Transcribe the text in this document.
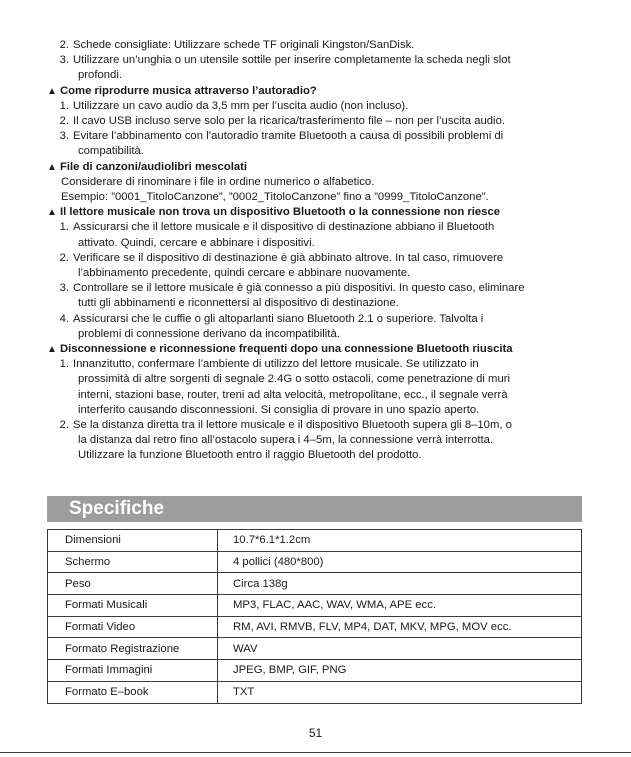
2. Schede consigliate: Utilizzare schede TF originali Kingston/SanDisk.
3. Utilizzare un’unghia o un utensile sottile per inserire completamente la scheda negli slot
profondi.
▲ Come riprodurre musica attraverso l’autoradio?
1. Utilizzare un cavo audio da 3,5 mm per l’uscita audio (non incluso).
2. Il cavo USB incluso serve solo per la ricarica/trasferimento file – non per l’uscita audio.
3. Evitare l’abbinamento con l’autoradio tramite Bluetooth a causa di possibili problemi di
compatibilità.
▲ File di canzoni/audiolibri mescolati
Considerare di rinominare i file in ordine numerico o alfabetico.
Esempio: ”0001_TitoloCanzone”, ”0002_TitoloCanzone” fino a ”0999_TitoloCanzone”.
▲ Il lettore musicale non trova un dispositivo Bluetooth o la connessione non riesce
1. Assicurarsi che il lettore musicale e il dispositivo di destinazione abbiano il Bluetooth
attivato. Quindi, cercare e abbinare i dispositivi.
2. Verificare se il dispositivo di destinazione è già abbinato altrove. In tal caso, rimuovere
l’abbinamento precedente, quindi cercare e abbinare nuovamente.
3. Controllare se il lettore musicale è già connesso a più dispositivi. In questo caso, eliminare
tutti gli abbinamenti e riconnettersi al dispositivo di destinazione.
4. Assicurarsi che le cuffie o gli altoparlanti siano Bluetooth 2.1 o superiore. Talvolta i
problemi di connessione derivano da incompatibilità.
▲ Disconnessione e riconnessione frequenti dopo una connessione Bluetooth riuscita
1. Innanzitutto, confermare l’ambiente di utilizzo del lettore musicale. Se utilizzato in
prossimità di altre sorgenti di segnale 2.4G o sotto ostacoli, come penetrazione di muri
interni, stazioni base, router, treni ad alta velocità, metropolitane, ecc., il segnale verrà
interferito causando disconnessioni. Si consiglia di provare in uno spazio aperto.
2. Se la distanza diretta tra il lettore musicale e il dispositivo Bluetooth supera gli 8–10m, o
la distanza dal retro fino all’ostacolo supera i 4–5m, la connessione verrà interrotta.
Utilizzare la funzione Bluetooth entro il raggio Bluetooth del prodotto.
Specifiche
Dimensioni	10.7*6.1*1.2cm
Schermo	4 pollici (480*800)
Peso	Circa 138g
Formati Musicali	MP3, FLAC, AAC, WAV, WMA, APE ecc.
Formati Video	RM, AVI, RMVB, FLV, MP4, DAT, MKV, MPG, MOV ecc.
Formato Registrazione	WAV
Formati Immagini	JPEG, BMP, GIF, PNG
Formato E–book	TXT
51
